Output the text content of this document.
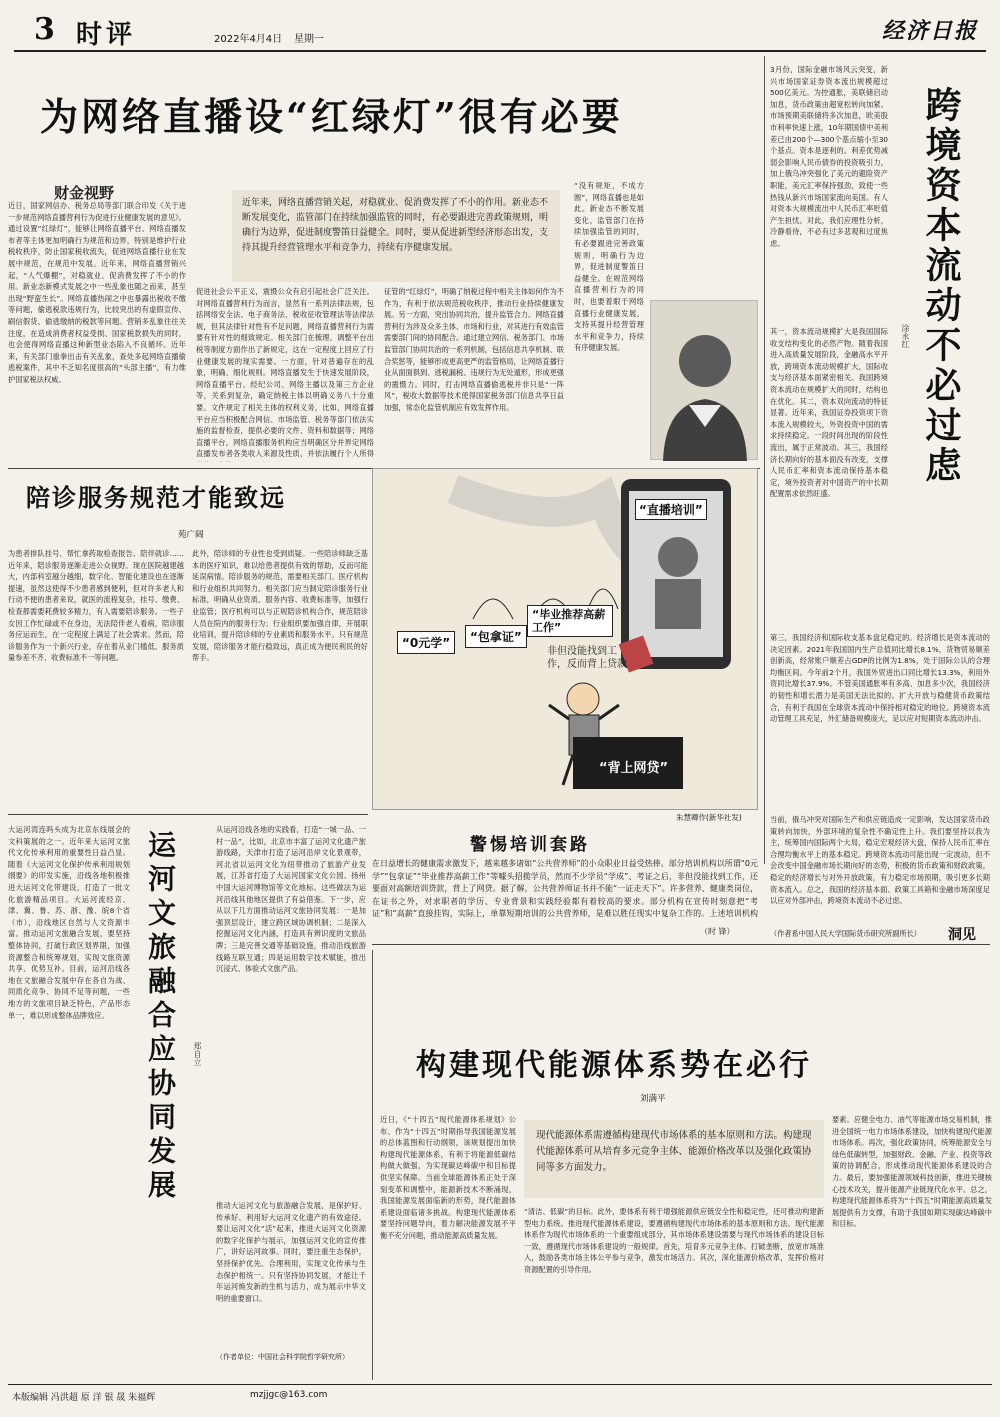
3 时评	2022年4月4日 星期一	经济日报
为网络直播设“红绿灯”很有必要
财金视野
近年来，网络直播营销关起，对稳就业、促消费发挥了不小的作用。新业态不断发展变化，监管部门在持续加强监管的同时，有必要跟进完善政策规则，明确行为边界，促进制度警笛日益健全。同时，要从促进新型经济形态出发，支持其提升经营管理水平和竞争力，持续有序健康发展。
近日，国家网信办、税务总局等部门联合印发《关于进一步规范网络直播营利行为促进行业健康发展的意见》。通过设置“红绿灯”，能够让网络直播平台、网络直播发布者等主体更加明确行为规范和边界，特别是维护行业税收秩序，防止国家税收流失，促进网络直播行业在发展中规范，在规范中发展。近年来，网络直播营销兴起，“人气爆棚”，对稳就业、促消费发挥了不小的作用。新业态新模式发展之中一些乱象也随之而来，甚至出现“野蛮生长”。网络直播热闹之中也暴露出税收不缴等问题，偷逃税款违规行为，比较突出的有虚假宣传、刷信假货、偷逃缴纳的税款等问题。营销多乱象往往关注度，在造成消费者权益受损、国家税款损失的同时，也会使得网络直播这种新型业态陷入不良循环。近年来，有关部门重拳出击有关乱象，查处多起网络直播偷逃税案件，其中不乏知名度很高的“头部主播”，有力维护国家税法权威。
促进社会公平正义，震慑公众有启引起社会广泛关注。对网络直播营利行为而言，显然有一系列法律法规，包括网络安全法、电子商务法、税收征收管理法等法律法规，但其法律针对性有不足问题，网络直播营利行为需要有针对性的细致规定。相关部门在梳理、调整平台出税等制度方面作出了新规定，这在一定程度上回应了行业健康发展的现实需要。一方面，针对普遍存在的乱象，明确、细化规则。网络直播发生于快速发展阶段，网络直播平台、经纪公司、网络主播以及第三方企业等，关系到复杂，确定纳税主体以明确义务八十分重要。文件规定了相关主体的权利义务，比如，网络直播平台应当积极配合网信、市场监管、税务等部门依法实施的监督检查，提供必要的文件、资料和数据等；网络直播平台，网络直播服务机构应当明确区分并界定网络直播发布者各类收入来源及性质，并依法履行个人所得
征管的“红绿灯”，明确了纳税过程中相关主体如何作为不作为，有利于依法规范税收秩序，推动行业持续健康发展。另一方面，突出协同共治，提升监管合力。网络直播营利行为涉及众多主体、市场和行业，对其进行有效监管需要部门间的协同配合。通过建立网信、税务部门、市场监管部门协同共治的一系列机制，包括信息共享机制、联合奖惩等，能够形成更高更严的监管格局，让网络直播行业从面面俱到、逃税漏税、违规行为无处遁形，形成更强的震慑力。同时，打击网络直播偷逃税并非只是“一阵风”，税收大数据等技术使得国家税务部门信息共享日益加强，常态化监管机制应有效发挥作用。
“没有规矩，不成方圆”，网络直播也是如此。新业态不断发展变化，监管部门在持续加强监管的同时，有必要跟进完善政策规则，明确行为边界，促进制度警笛日益健全。在规范网络直播营利行为的同时，也要着眼于网络直播行业健康发展，支持其提升经营管理水平和竞争力，持续有序健康发展。	跨境资本流动不必过虑
涂永红
3月份，国际金融市场风云突变，新兴市场国家证券资本流出规模超过500亿美元。为控通胀，美联储启动加息，货币政策由超宽松转向加紧。市场预期美联储将多次加息，欧美股市利率快速上涨，10年期国债中美利差已由200个—300个基点缩小至30个基点。资本是逐利的。利差优势减弱会影响人民币债券的投资吸引力，加上俄乌冲突强化了美元的避险资产职能，美元汇率保持强劲，致使一些热钱从新兴市场国家流向美国。有人对资本大规模流出中人民币汇率贬值产生担忧。对此，我们应理性分析，冷静看待，不必有过多悲观和过度焦虑。
其一，资本流动规模扩大是我国国际收支结构变化的必然产物。随着我国进入高质量发展阶段，金融高水平开放，跨境资本流动规模扩大，国际收支与经济基本面紧密相关。我国跨境资本流动在规模扩大的同时，结构也在优化。其二，资本双向流动的特征显著。近年来，我国证券投资项下资本流入规模较大，外资投资中国的需求持续稳定。一段时间出现的阶段性流出，属于正常波动。其三，我国经济长期向好的基本面没有改变，支撑人民币汇率和资本流动保持基本稳定，境外投资者对中国资产的中长期配置需求依然旺盛。
第三，我国经济和国际收支基本盘足稳定的。经济增长是资本流动的决定因素。2021年我国国内生产总值同比增长8.1%，货物贸易顺差创新高，经常账户顺差占GDP的比例为1.8%，处于国际公认的合理均衡区间。今年前2个月，我国外贸进出口同比增长13.3%，利用外资同比增长37.9%。不管美国通胀率有多高、加息多少次，我国经济的韧性和增长潜力是美国无法比拟的。扩大开放与稳健货币政策结合，有利于我国在全球资本流动中保持相对稳定的地位。跨境资本流动管理工具充足，外汇储备规模庞大，足以应对短期资本流动冲击。
当前，俄乌冲突对国际生产和供应链造成一定影响，发达国家货币政策转向加快，外部环境的复杂性不确定性上升。我们要坚持以我为主，统筹国内国际两个大局，稳定宏观经济大盘，保持人民币汇率在合理均衡水平上的基本稳定。跨境资本流动可能出现一定波动，但不会改变中国金融市场长期向好的态势，积极的货币政策和财政政策，稳定的经济增长与对外开放政策，有力稳定市场预期，吸引更多长期资本流入。总之，我国的经济基本面、政策工具箱和金融市场深度足以应对外部冲击，跨境资本流动不必过虑。
（作者系中国人民大学国际货币研究所副所长）	洞见
陪诊服务规范才能致远
苑广阔
为患者排队挂号、帮忙拿药取检查报告、陪伴就诊……近年来，陪诊服务逐渐走进公众视野。现在医院越建越大，内部科室越分越细，数字化、智能化建设也在逐渐提速，虽然这使得不少患者感到便利，但对许多老人和行动不便的患者来说，就医的流程复杂，挂号、缴费、检查都需要耗费较多精力，有人需要陪诊服务。一些子女因工作忙碌或不在身边，无法陪伴老人看病，陪诊服务应运而生，在一定程度上满足了社会需求。然而，陪诊服务作为一个新兴行业，存在着从业门槛低、服务质量参差不齐、收费标准不一等问题。
此外，陪诊师的专业性也受到质疑。一些陪诊师缺乏基本的医疗知识，难以给患者提供有效的帮助，反而可能延误病情。陪诊服务的规范，需要相关部门、医疗机构和行业组织共同努力。相关部门应当制定陪诊服务行业标准，明确从业资质、服务内容、收费标准等，加强行业监管；医疗机构可以与正规陪诊机构合作，规范陪诊人员在院内的服务行为；行业组织要加强自律，开展职业培训，提升陪诊师的专业素质和服务水平。只有规范发展，陪诊服务才能行稳致远，真正成为便民利民的好帮手。
“0元学”	“包拿证”
“毕业推荐高薪工作”
非但没能找到工作，反而背上贷款
“背上网贷”
“直播培训”
朱慧卿作(新华社发)
警惕培训套路
在日益增长的健康需求激发下，越来越多诸如“公共营养师”的小众职业日益受热捧。部分培训机构以所谓“0元学”“包拿证”“毕业推荐高薪工作”等噱头招揽学员，然而不少学员“学成”、考证之后，非但没能找到工作，还要面对高额培训贷款，背上了网贷。据了解，公共营养师证书并不能“一证走天下”。许多营养、健康类岗位，在证书之外，对求职者的学历、专业背景和实践经验都有着较高的要求。部分机构在宣传时刻意把“考证”和“高薪”直接挂钩，实际上，单靠短期培训的公共营养师，是难以胜任现实中复杂工作的。上述培训机构
（时 锋）
运河文旅融合应协同发展	郑自立
大运河湾连吗头成为北京东线展会的文科策展的之一。近年来大运河文旅代文化传承利用的重要性日益凸显。随着《大运河文化保护传承利用规划纲要》的印发实施，沿线各地积极推进大运河文化带建设，打造了一批文化旅游精品项目。大运河流经京、津、冀、鲁、苏、浙、豫、皖8个省（市），沿线地区自然与人文资源丰富。推动运河文旅融合发展，要坚持整体协同，打破行政区划界限，加强资源整合和统筹规划，实现文旅资源共享、优势互补。目前，运河沿线各地在文旅融合发展中存在各自为战、同质化竞争、协同不足等问题，一些地方的文旅项目缺乏特色，产品形态单一，难以形成整体品牌效应。
从运河沿线各地的实践看，打造“一城一品、一村一品”，比如，北京市丰富了运河文化遗产旅游线路，天津市打造了运河沿岸文化景观带，河北省以运河文化为纽带推动了旅游产业发展，江苏省打造了大运河国家文化公园、扬州中国大运河博物馆等文化地标。这些做法为运河沿线其他地区提供了有益借鉴。下一步，应从以下几方面推动运河文旅协同发展：一是加强顶层设计，建立跨区域协调机制；二是深入挖掘运河文化内涵，打造具有辨识度的文旅品牌；三是完善交通等基础设施，推动沿线旅游线路互联互通；四是运用数字技术赋能，推出沉浸式、体验式文旅产品。
推动大运河文化与旅游融合发展，是保护好、传承好、利用好大运河文化遗产的有效途径。要让运河文化“活”起来，推进大运河文化资源的数字化保护与展示，加强运河文化的宣传推广，讲好运河故事。同时，要注重生态保护，坚持保护优先、合理利用，实现文化传承与生态保护相统一。只有坚持协同发展，才能让千年运河焕发新的生机与活力，成为展示中华文明的重要窗口。
（作者单位：中国社会科学院哲学研究所）
构建现代能源体系势在必行
刘满平
现代能源体系需遵循构建现代市场体系的基本原则和方法。构建现代能源体系可从培育多元竞争主体、能源价格改革以及强化政策协同等多方面发力。
近日，《“十四五”现代能源体系规划》公布。作为“十四五”时期指导我国能源发展的总体蓝图和行动纲领，该规划提出加快构建现代能源体系，有利于将能源低碳结构做大做强，为实现碳达峰碳中和目标提供坚实保障。当前全球能源体系正处于深刻变革和调整中，能源新技术不断涌现，我国能源发展面临新的形势，现代能源体系建设面临诸多挑战。构建现代能源体系要坚持问题导向，着力解决能源发展不平衡不充分问题，推动能源高质量发展。
“清洁、低碳”的目标。此外，要体系有利于增强能源供应链安全性和稳定性，还可推动构建新型电力系统。推进现代能源体系建设，要遵循构建现代市场体系的基本原则和方法。现代能源体系作为现代市场体系的一个重要组成部分，其市场体系建设需要与现代市场体系的建设目标一致，遵循现代市场体系建设的一般规律。首先，培育多元竞争主体。打破垄断，放宽市场准入，鼓励各类市场主体公平参与竞争，激发市场活力。其次，深化能源价格改革，发挥价格对资源配置的引导作用。
要素。应健全电力、油气等能源市场交易机制，推进全国统一电力市场体系建设，加快构建现代能源市场体系。再次，强化政策协同，统筹能源安全与绿色低碳转型，加强财政、金融、产业、投资等政策的协调配合，形成推动现代能源体系建设的合力。最后，要加强能源领域科技创新，推进关键核心技术攻关，提升能源产业链现代化水平。总之，构建现代能源体系将为“十四五”时期能源高质量发展提供有力支撑，有助于我国如期实现碳达峰碳中和目标。
本版编辑 冯洪超 原 洋 银 晟 朱福辉	mzjjgc@163.com
